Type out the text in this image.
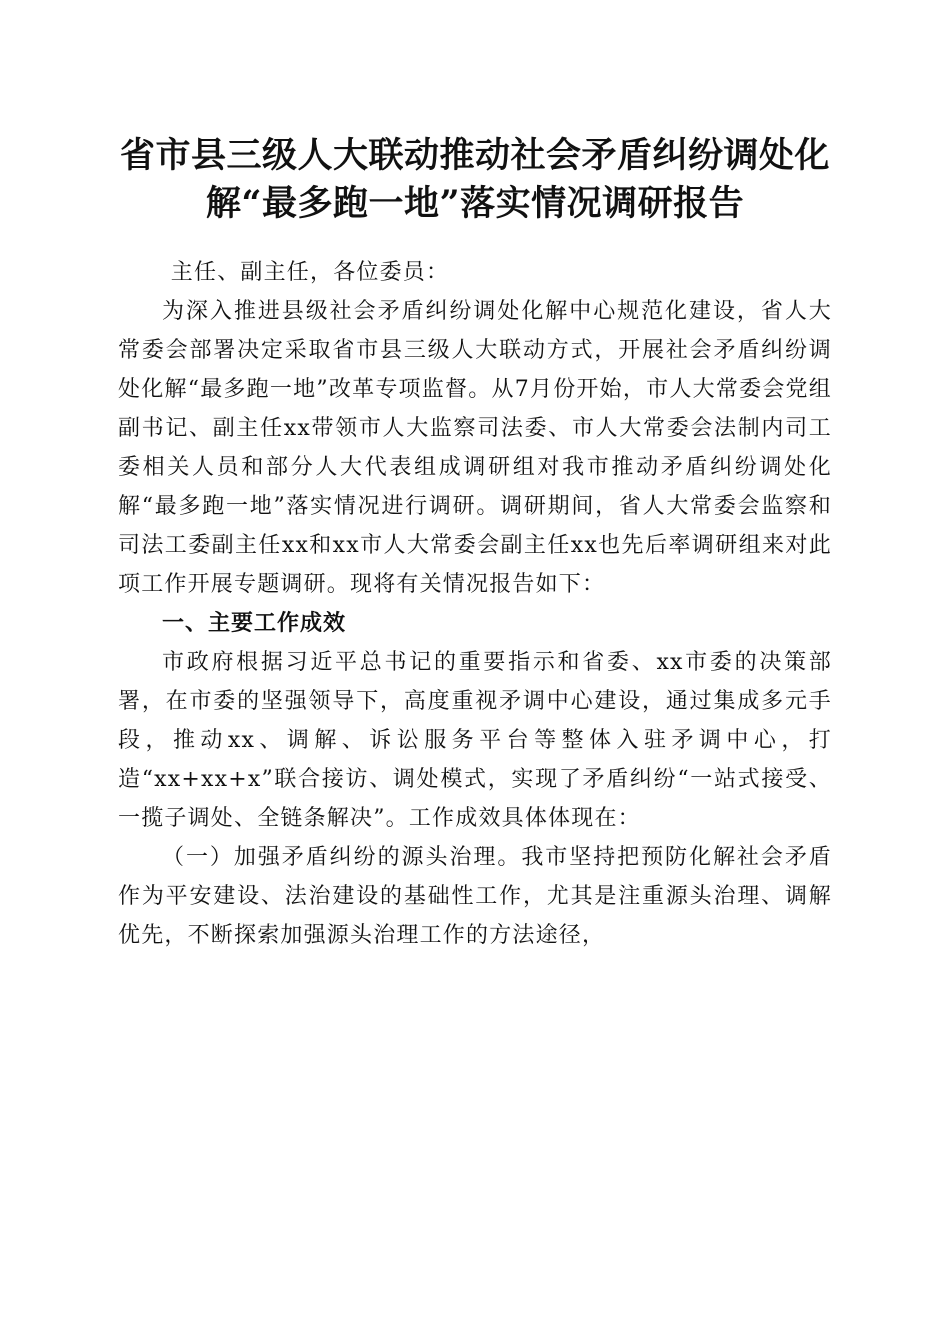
省市县三级人大联动推动社会矛盾纠纷调处化
解“最多跑一地”落实情况调研报告

主任、副主任，各位委员：

为深入推进县级社会矛盾纠纷调处化解中心规范化建设，省人大常委会部署决定采取省市县三级人大联动方式，开展社会矛盾纠纷调处化解“最多跑一地”改革专项监督。从7月份开始，市人大常委会党组副书记、副主任xx带领市人大监察司法委、市人大常委会法制内司工委相关人员和部分人大代表组成调研组对我市推动矛盾纠纷调处化解“最多跑一地”落实情况进行调研。调研期间，省人大常委会监察和司法工委副主任xx和xx市人大常委会副主任xx也先后率调研组来对此项工作开展专题调研。现将有关情况报告如下：

一、主要工作成效

市政府根据习近平总书记的重要指示和省委、xx市委的决策部署，在市委的坚强领导下，高度重视矛调中心建设，通过集成多元手段，推动xx、调解、诉讼服务平台等整体入驻矛调中心，打造“xx+xx+x”联合接访、调处模式，实现了矛盾纠纷“一站式接受、一揽子调处、全链条解决”。工作成效具体体现在：

（一）加强矛盾纠纷的源头治理。我市坚持把预防化解社会矛盾作为平安建设、法治建设的基础性工作，尤其是注重源头治理、调解优先，不断探索加强源头治理工作的方法途径，
